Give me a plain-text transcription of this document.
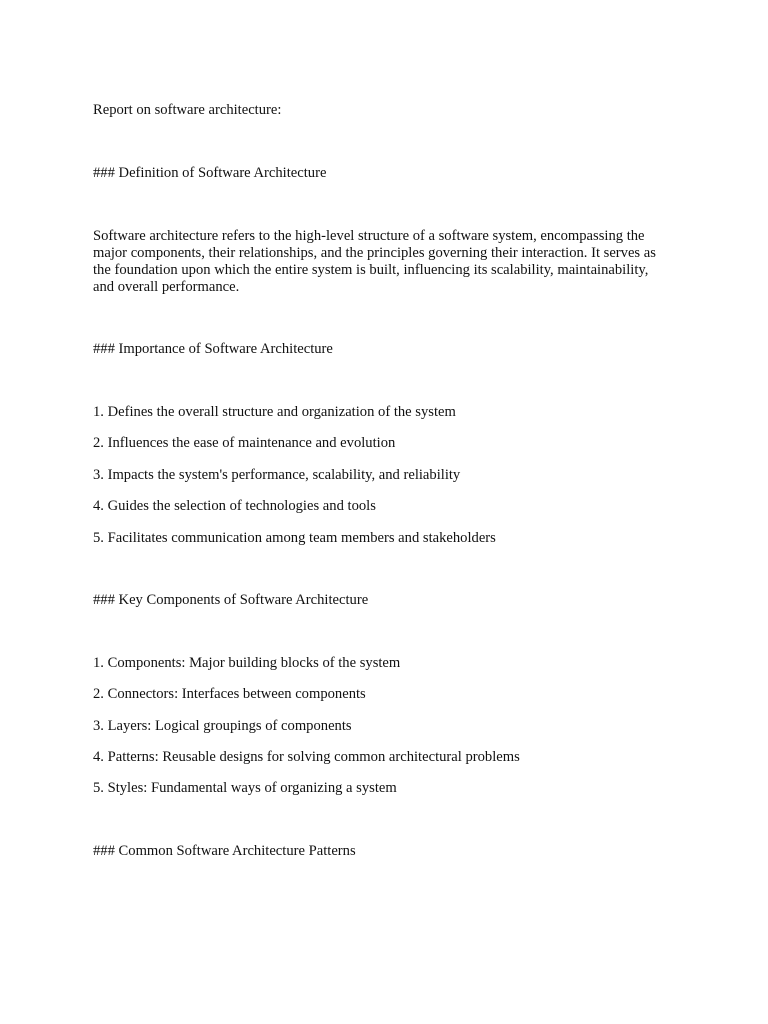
Report on software architecture:
### Definition of Software Architecture
Software architecture refers to the high-level structure of a software system, encompassing the major components, their relationships, and the principles governing their interaction. It serves as the foundation upon which the entire system is built, influencing its scalability, maintainability, and overall performance.
### Importance of Software Architecture
1. Defines the overall structure and organization of the system
2. Influences the ease of maintenance and evolution
3. Impacts the system's performance, scalability, and reliability
4. Guides the selection of technologies and tools
5. Facilitates communication among team members and stakeholders
### Key Components of Software Architecture
1. Components: Major building blocks of the system
2. Connectors: Interfaces between components
3. Layers: Logical groupings of components
4. Patterns: Reusable designs for solving common architectural problems
5. Styles: Fundamental ways of organizing a system
### Common Software Architecture Patterns
